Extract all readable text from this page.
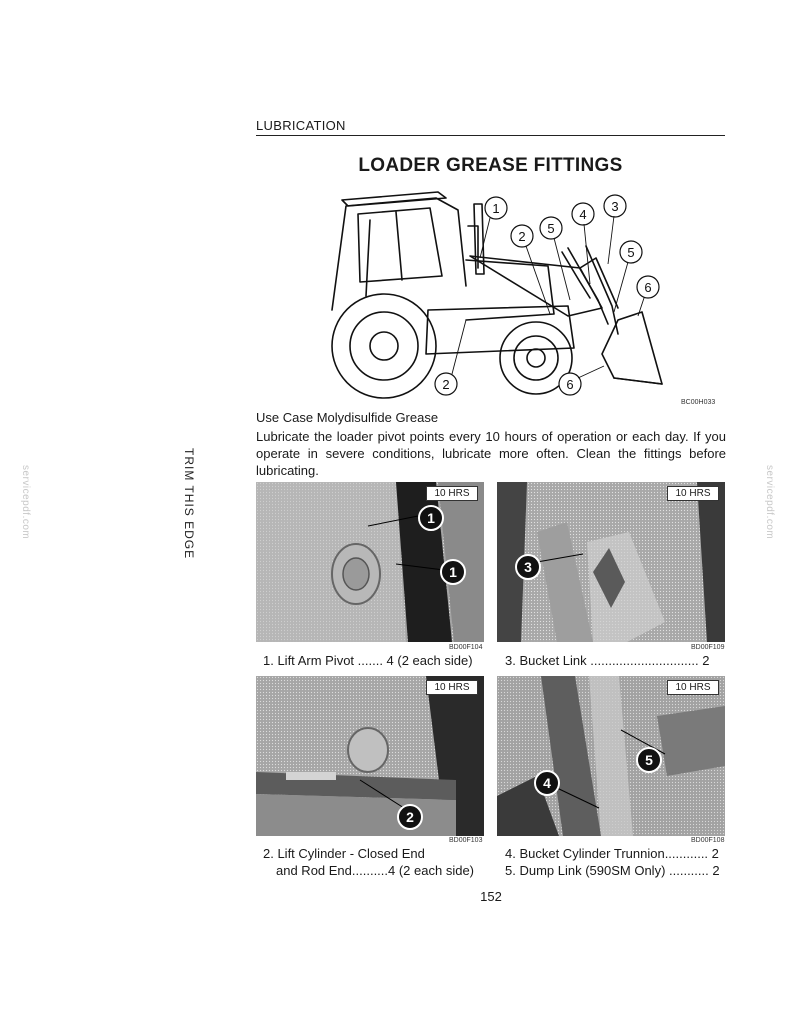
LUBRICATION
LOADER GREASE FITTINGS
1
2
5
4
3
5
6
2	6
BC00H033
Use Case Molydisulfide Grease
Lubricate the loader pivot points every 10 hours of operation or each day. If you operate in severe conditions, lubricate more often. Clean the fittings before lubricating.
TRIM THIS EDGE
servicepdf.com	servicepdf.com
10 HRS
1
1
BD00F104
1. Lift Arm Pivot ....... 4 (2 each side)
10 HRS
3
BD00F109
3. Bucket Link .............................. 2
10 HRS
2
BD00F103
2. Lift Cylinder - Closed End
and Rod End..........4 (2 each side)
10 HRS
5
4
BD00F108
4. Bucket Cylinder Trunnion............ 2
5. Dump Link (590SM Only) ........... 2
152
